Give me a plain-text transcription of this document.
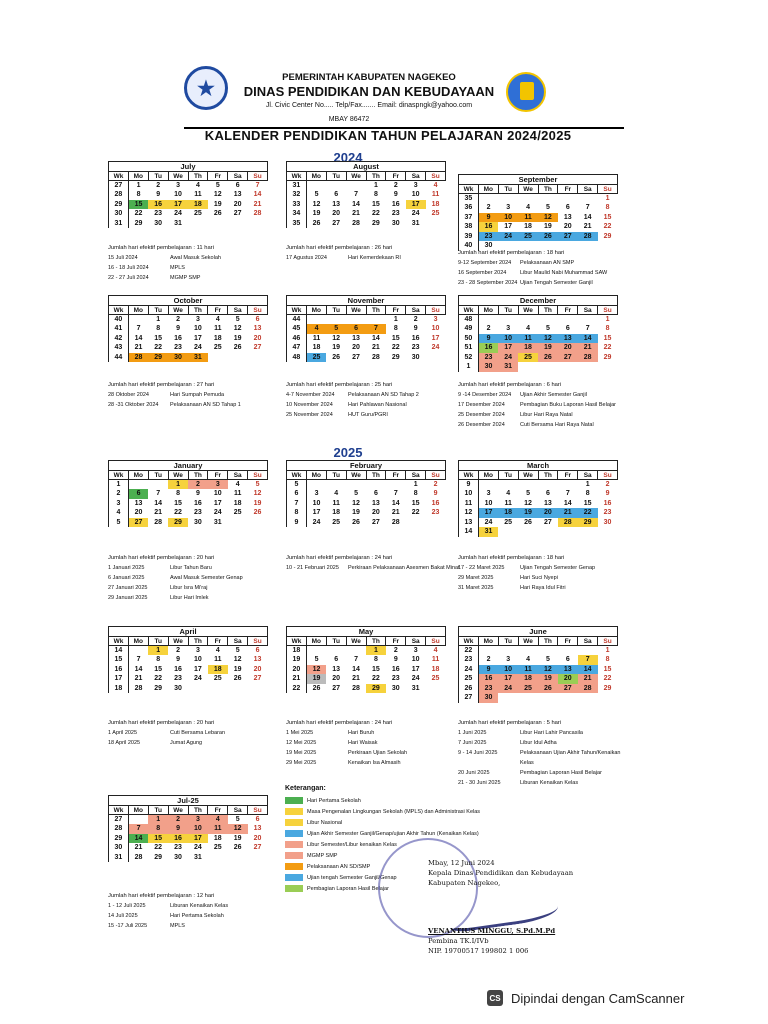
★	PEMERINTAH KABUPATEN NAGEKEO
DINAS PENDIDIKAN DAN KEBUDAYAAN
Jl. Civic Center No..... Telp/Fax....... Email: dinaspngk@yahoo.com
MBAY 86472
KALENDER PENDIDIKAN TAHUN PELAJARAN 2024/2025
2024
2025
July
Wk	Mo	Tu	We	Th	Fr	Sa	Su
27	1	2	3	4	5	6	7
28	8	9	10	11	12	13	14
29	15	16	17	18	19	20	21
30	22	23	24	25	26	27	28
31	29	30	31				
August
Wk	Mo	Tu	We	Th	Fr	Sa	Su
31				1	2	3	4
32	5	6	7	8	9	10	11
33	12	13	14	15	16	17	18
34	19	20	21	22	23	24	25
35	26	27	28	29	30	31	
September
Wk	Mo	Tu	We	Th	Fr	Sa	Su
35							1
36	2	3	4	5	6	7	8
37	9	10	11	12	13	14	15
38	16	17	18	19	20	21	22
39	23	24	25	26	27	28	29
40	30						
October
Wk	Mo	Tu	We	Th	Fr	Sa	Su
40		1	2	3	4	5	6
41	7	8	9	10	11	12	13
42	14	15	16	17	18	19	20
43	21	22	23	24	25	26	27
44	28	29	30	31			
November
Wk	Mo	Tu	We	Th	Fr	Sa	Su
44					1	2	3
45	4	5	6	7	8	9	10
46	11	12	13	14	15	16	17
47	18	19	20	21	22	23	24
48	25	26	27	28	29	30	
December
Wk	Mo	Tu	We	Th	Fr	Sa	Su
48							1
49	2	3	4	5	6	7	8
50	9	10	11	12	13	14	15
51	16	17	18	19	20	21	22
52	23	24	25	26	27	28	29
1	30	31					
January
Wk	Mo	Tu	We	Th	Fr	Sa	Su
1			1	2	3	4	5
2	6	7	8	9	10	11	12
3	13	14	15	16	17	18	19
4	20	21	22	23	24	25	26
5	27	28	29	30	31		
February
Wk	Mo	Tu	We	Th	Fr	Sa	Su
5						1	2
6	3	4	5	6	7	8	9
7	10	11	12	13	14	15	16
8	17	18	19	20	21	22	23
9	24	25	26	27	28		
March
Wk	Mo	Tu	We	Th	Fr	Sa	Su
9						1	2
10	3	4	5	6	7	8	9
11	10	11	12	13	14	15	16
12	17	18	19	20	21	22	23
13	24	25	26	27	28	29	30
14	31						
April
Wk	Mo	Tu	We	Th	Fr	Sa	Su
14		1	2	3	4	5	6
15	7	8	9	10	11	12	13
16	14	15	16	17	18	19	20
17	21	22	23	24	25	26	27
18	28	29	30				
May
Wk	Mo	Tu	We	Th	Fr	Sa	Su
18				1	2	3	4
19	5	6	7	8	9	10	11
20	12	13	14	15	16	17	18
21	19	20	21	22	23	24	25
22	26	27	28	29	30	31	
June
Wk	Mo	Tu	We	Th	Fr	Sa	Su
22							1
23	2	3	4	5	6	7	8
24	9	10	11	12	13	14	15
25	16	17	18	19	20	21	22
26	23	24	25	26	27	28	29
27	30						
Jul-25
Wk	Mo	Tu	We	Th	Fr	Sa	Su
27		1	2	3	4	5	6
28	7	8	9	10	11	12	13
29	14	15	16	17	18	19	20
30	21	22	23	24	25	26	27
31	28	29	30	31			
Jumlah hari efektif pembelajaran : 11 hari
15 Juli 2024	Awal Masuk Sekolah
16 - 18 Juli 2024	MPLS
22 - 27 Juli 2024	MGMP SMP
Jumlah hari efektif pembelajaran : 26 hari
17 Agustus 2024	Hari Kemerdekaan RI
Jumlah hari efektif pembelajaran : 18 hari
9-12 September 2024	Pelaksanaan AN SMP
16 September 2024	Libur Maulid Nabi Muhammad SAW
23 - 28 September 2024 Ujian Tengah Semester Ganjil
Jumlah hari efektif pembelajaran : 27 hari
28 Oktober 2024	Hari Sumpah Pemuda
28 -31 Oktober 2024	Pelaksanaan AN SD Tahap 1
Jumlah hari efektif pembelajaran : 25 hari
4-7 November 2024	Pelaksanaan AN SD Tahap 2
10 November 2024	Hari Pahlawan Nasional
25 November 2024	HUT Guru/PGRI
Jumlah hari efektif pembelajaran : 6 hari
9 -14 Desember 2024	Ujian Akhir Semester Ganjil
17 Desember 2024	Pembagian Buku Laporan Hasil Belajar
25 Desember 2024	Libur Hari Raya Natal
26 Desember 2024	Cuti Bersama Hari Raya Natal
Jumlah hari efektif pembelajaran : 20 hari
1 Januari 2025	Libur Tahun Baru
6 Januari 2025	Awal Masuk Semester Genap
27 Januari 2025	Libur Isra Mi'raj
29 Januari 2025	Libur Hari Imlek
Jumlah hari efektif pembelajaran : 24 hari
10 - 21 Februari 2025	Perkiraan Pelaksanaan Asesmen Bakat Minat
Jumlah hari efektif pembelajaran : 18 hari
17 - 22 Maret 2025	Ujian Tengah Semester Genap
29 Maret 2025	Hari Suci Nyepi
31 Maret 2025	Hari Raya Idul Fitri
Jumlah hari efektif pembelajaran : 20 hari
1 April 2025	Cuti Bersama Lebaran
18 April 2025	Jumat Agung
Jumlah hari efektif pembelajaran : 24 hari
1 Mei 2025	Hari Buruh
12 Mei 2025	Hari Waisak
19 Mei 2025	Perkiraan Ujian Sekolah
29 Mei 2025	Kenaikan Isa Almasih
Jumlah hari efektif pembelajaran : 5 hari
1 Juni 2025	Libur Hari Lahir Pancasila
7 Juni 2025	Libur Idul Adha
9 - 14 Juni 2025	Pelaksanaan Ujian Akhir Tahun/Kenaikan Kelas
20 Juni 2025	Pembagian Laporan Hasil Belajar
21 - 30 Juni 2025	Liburan Kenaikan Kelas
Jumlah hari efektif pembelajaran : 12 hari
1 - 12 Juli 2025	Liburan Kenaikan Kelas
14 Juli 2025	Hari Pertama Sekolah
15 -17 Juli 2025	MPLS
Keterangan:
Hari Pertama Sekolah
Masa Pengenalan Lingkungan Sekolah (MPLS) dan Administrasi Kelas
Libur Nasional
Ujian Akhir Semester Ganjil/Genap/ujian Akhir Tahun (Kenaikan Kelas)
Libur Semester/Libur kenaikan Kelas
MGMP SMP
Pelaksanaan AN SD/SMP
Ujian tengah Semester Ganjil/Genap
Pembagian Laporan Hasil Belajar
Mbay, 12 Juni 2024
Kepala Dinas Pendidikan dan Kebudayaan
Kabupaten Nagekeo,
VENANTIUS MINGGU, S.Pd.M.Pd
Pembina TK.I/IVb
NIP. 19700517 199802 1 006
CS Dipindai dengan CamScanner
